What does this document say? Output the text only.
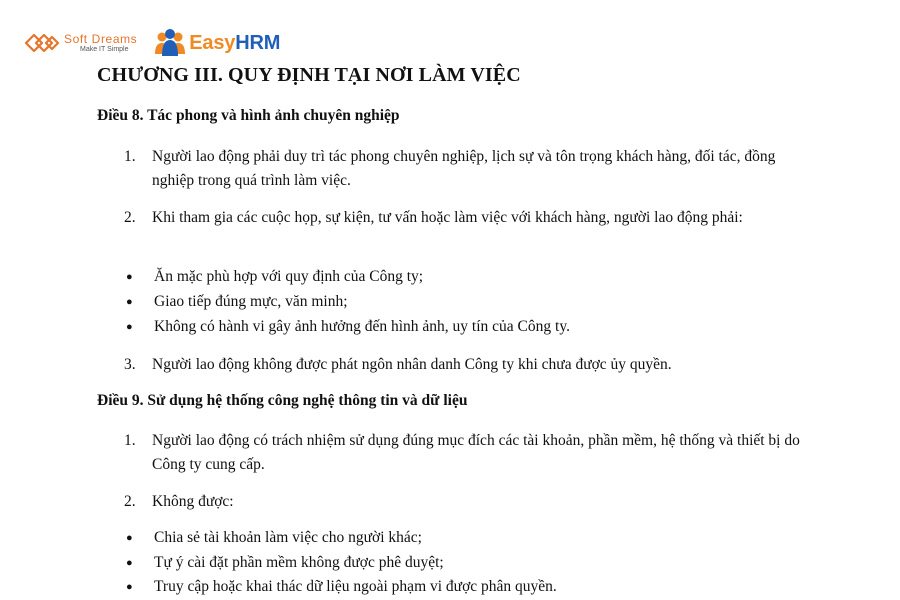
Soft Dreams
Make IT Simple	EasyHRM
CHƯƠNG III. QUY ĐỊNH TẠI NƠI LÀM VIỆC
Điều 8. Tác phong và hình ảnh chuyên nghiệp
1.	Người lao động phải duy trì tác phong chuyên nghiệp, lịch sự và tôn trọng khách hàng, đối tác, đồng nghiệp trong quá trình làm việc.
2.	Khi tham gia các cuộc họp, sự kiện, tư vấn hoặc làm việc với khách hàng, người lao động phải:
●	Ăn mặc phù hợp với quy định của Công ty;
●	Giao tiếp đúng mực, văn minh;
●	Không có hành vi gây ảnh hưởng đến hình ảnh, uy tín của Công ty.
3.	Người lao động không được phát ngôn nhân danh Công ty khi chưa được ủy quyền.
Điều 9. Sử dụng hệ thống công nghệ thông tin và dữ liệu
1.	Người lao động có trách nhiệm sử dụng đúng mục đích các tài khoản, phần mềm, hệ thống và thiết bị do Công ty cung cấp.
2.	Không được:
●	Chia sẻ tài khoản làm việc cho người khác;
●	Tự ý cài đặt phần mềm không được phê duyệt;
●	Truy cập hoặc khai thác dữ liệu ngoài phạm vi được phân quyền.
